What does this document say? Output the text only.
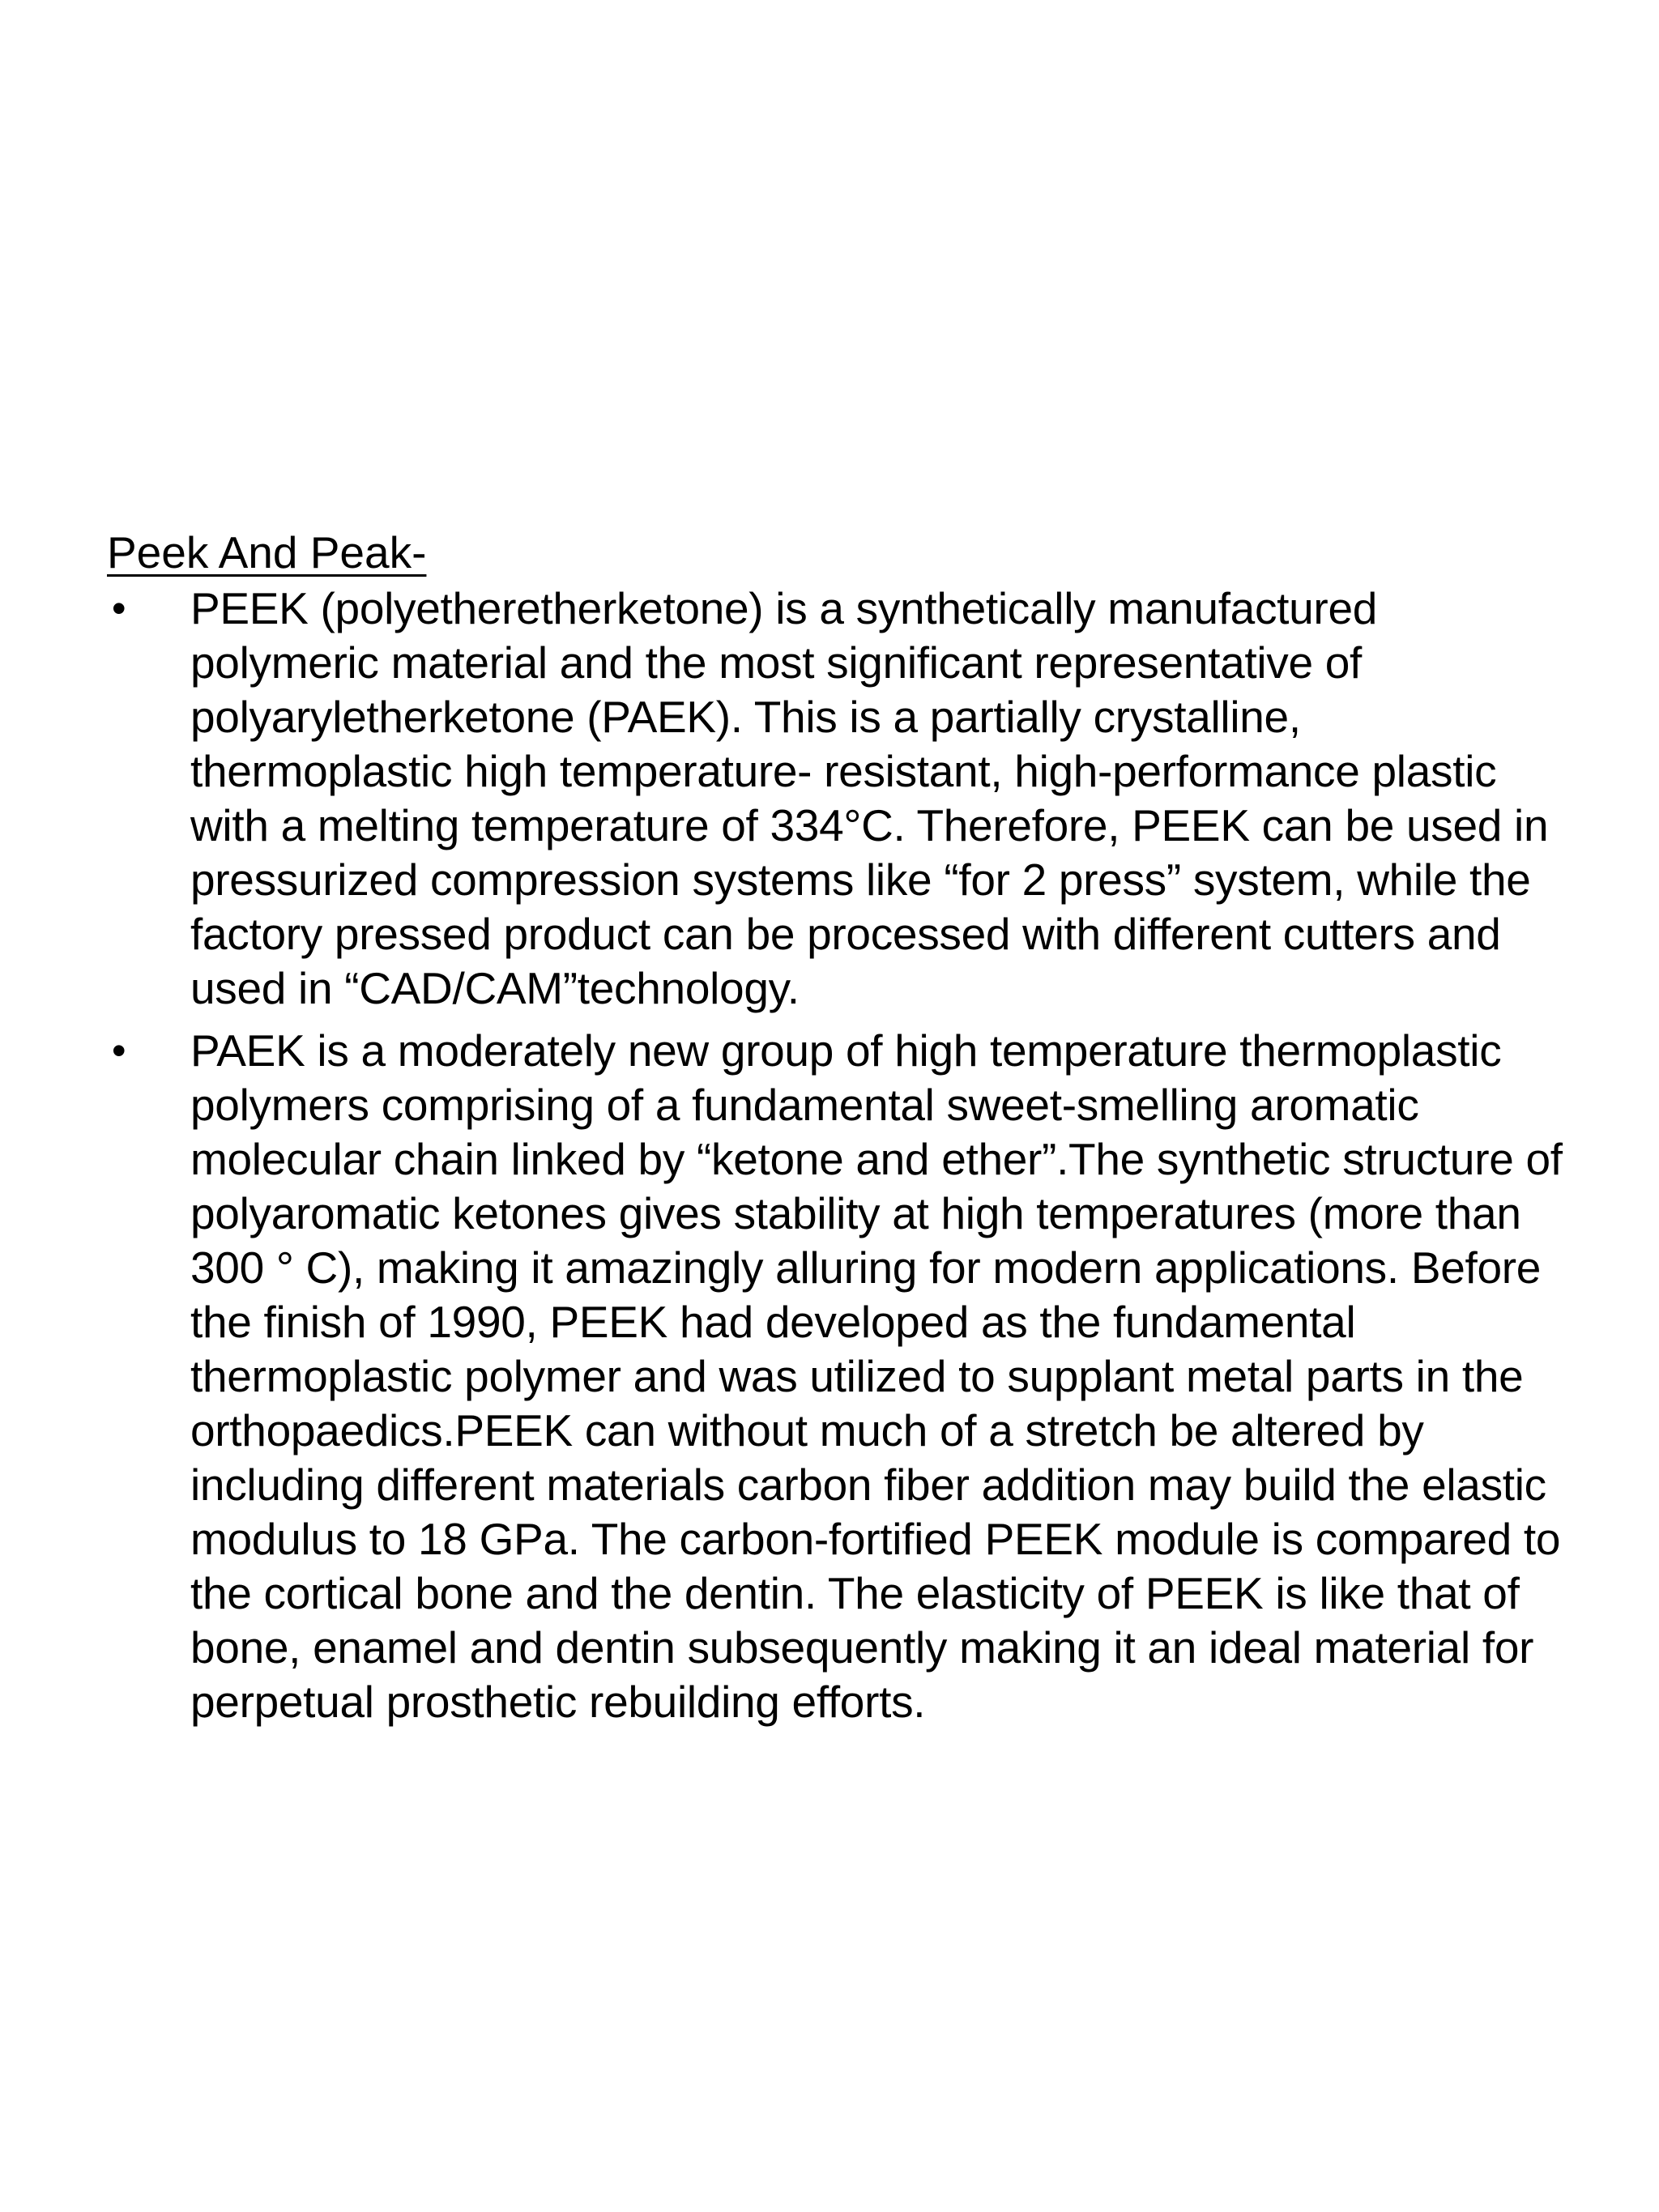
Peek And Peak-
• PEEK (polyetheretherketone) is a synthetically manufactured polymeric material and the most significant representative of polyaryletherketone (PAEK). This is a partially crystalline, thermoplastic high temperature- resistant, high-performance plastic with a melting temperature of 334°C. Therefore, PEEK can be used in pressurized compression systems like “for 2 press” system, while the factory pressed product can be processed with different cutters and used in “CAD/CAM”technology.
• PAEK is a moderately new group of high temperature thermoplastic polymers comprising of a fundamental sweet-smelling aromatic molecular chain linked by “ketone and ether”.The synthetic structure of polyaromatic ketones gives stability at high temperatures (more than 300 ° C), making it amazingly alluring for modern applications. Before the finish of 1990, PEEK had developed as the fundamental thermoplastic polymer and was utilized to supplant metal parts in the orthopaedics.PEEK can without much of a stretch be altered by including different materials carbon fiber addition may build the elastic modulus to 18 GPa. The carbon-fortified PEEK module is compared to the cortical bone and the dentin. The elasticity of PEEK is like that of bone, enamel and dentin subsequently making it an ideal material for perpetual prosthetic rebuilding efforts.
